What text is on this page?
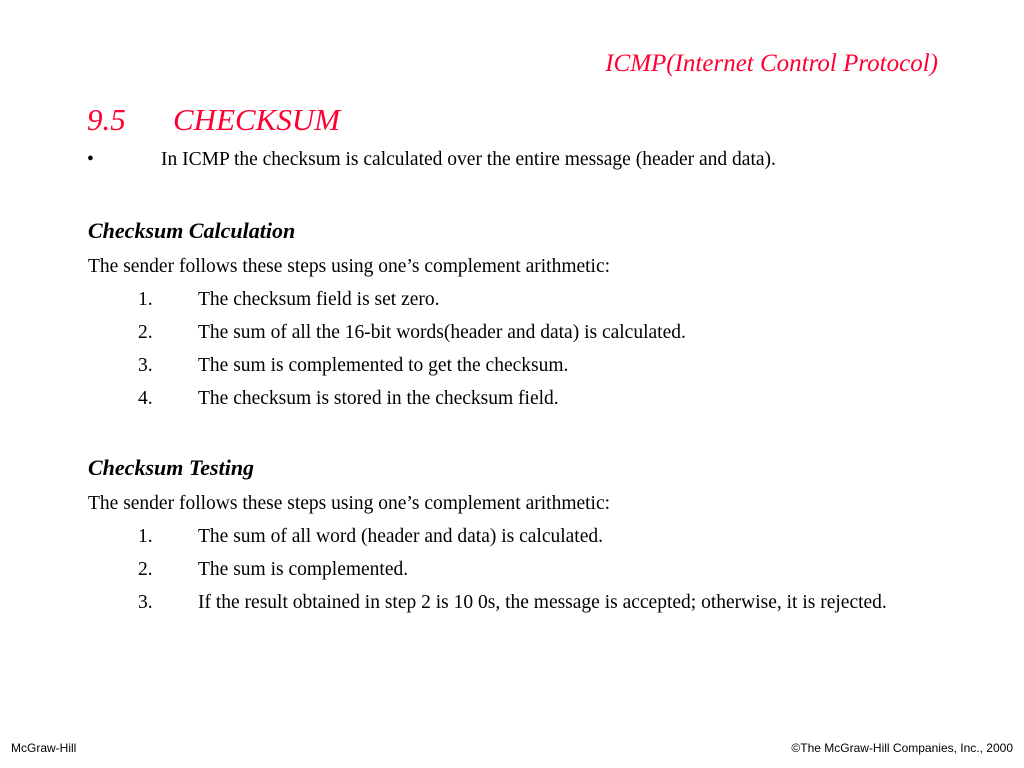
ICMP(Internet Control Protocol)
9.5 CHECKSUM
•	In ICMP the checksum is calculated over the entire message (header and data).
Checksum Calculation
The sender follows these steps using one’s complement arithmetic:
1.	The checksum field is set zero.
2.	The sum of all the 16-bit words(header and data) is calculated.
3.	The sum is complemented to get the checksum.
4.	The checksum is stored in the checksum field.
Checksum Testing
The sender follows these steps using one’s complement arithmetic:
1.	The sum of all word (header and data) is calculated.
2.	The sum is complemented.
3.	If the result obtained in step 2 is 10 0s, the message is accepted; otherwise, it is rejected.
McGraw-Hill	©The McGraw-Hill Companies, Inc., 2000
